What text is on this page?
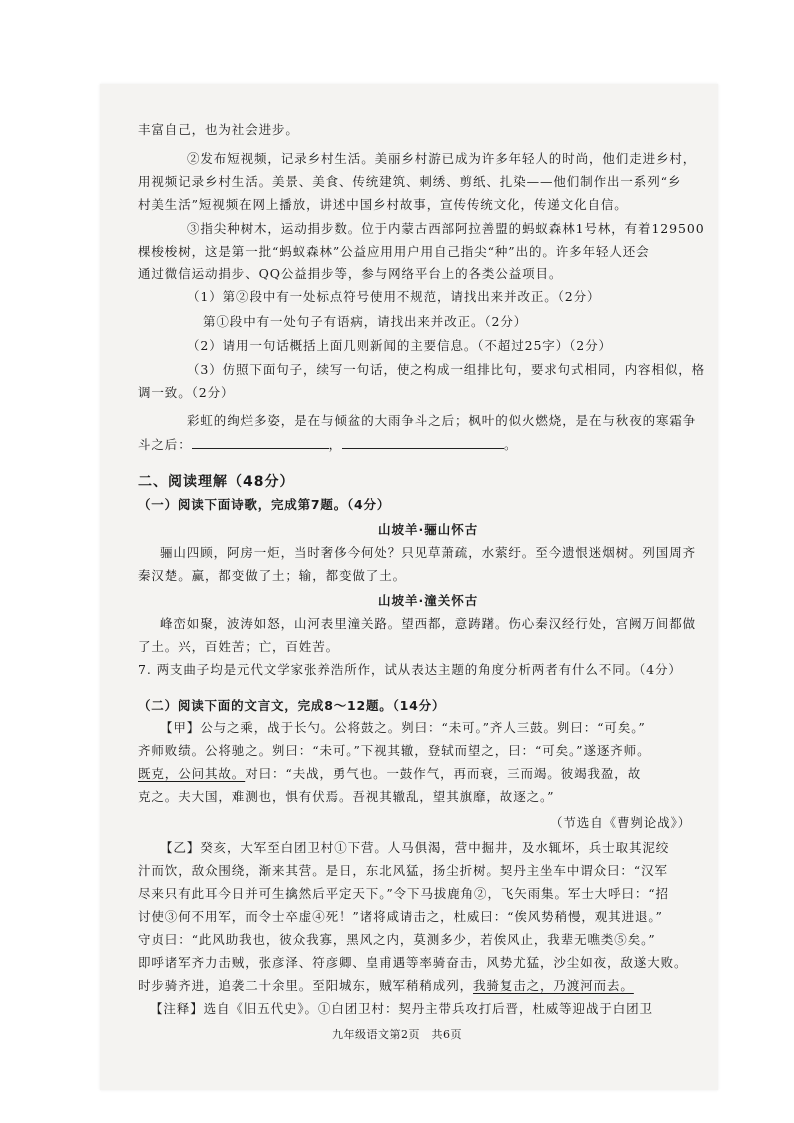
丰富自己，也为社会进步。
②发布短视频，记录乡村生活。美丽乡村游已成为许多年轻人的时尚，他们走进乡村，
用视频记录乡村生活。美景、美食、传统建筑、刺绣、剪纸、扎染——他们制作出一系列“乡
村美生活”短视频在网上播放，讲述中国乡村故事，宣传传统文化，传递文化自信。
③指尖种树木，运动捐步数。位于内蒙古西部阿拉善盟的蚂蚁森林1号林，有着129500
棵梭梭树，这是第一批“蚂蚁森林”公益应用用户用自己指尖“种”出的。许多年轻人还会
通过微信运动捐步、QQ公益捐步等，参与网络平台上的各类公益项目。
（1）第②段中有一处标点符号使用不规范，请找出来并改正。（2分）
第①段中有一处句子有语病，请找出来并改正。（2分）
（2）请用一句话概括上面几则新闻的主要信息。（不超过25字）（2分）
（3）仿照下面句子，续写一句话，使之构成一组排比句，要求句式相同，内容相似，格
调一致。（2分）
彩虹的绚烂多姿，是在与倾盆的大雨争斗之后；枫叶的似火燃烧，是在与秋夜的寒霜争
斗之后：	，	。
二、阅读理解（48分）
（一）阅读下面诗歌，完成第7题。（4分）
山坡羊·骊山怀古
骊山四顾，阿房一炬，当时奢侈今何处？只见草萧疏，水萦纡。至今遗恨迷烟树。列国周齐
秦汉楚。赢，都变做了土；输，都变做了土。
山坡羊·潼关怀古
峰峦如聚，波涛如怒，山河表里潼关路。望西都，意踌躇。伤心秦汉经行处，宫阙万间都做
了土。兴，百姓苦；亡，百姓苦。
7. 两支曲子均是元代文学家张养浩所作，试从表达主题的角度分析两者有什么不同。（4分）
（二）阅读下面的文言文，完成8～12题。（14分）
【甲】公与之乘，战于长勺。公将鼓之。刿曰：“未可。”齐人三鼓。刿曰：“可矣。”
齐师败绩。公将驰之。刿曰：“未可。”下视其辙，登轼而望之，曰：“可矣。”遂逐齐师。
既克，公问其故。对曰：“夫战，勇气也。一鼓作气，再而衰，三而竭。彼竭我盈，故
克之。夫大国，难测也，惧有伏焉。吾视其辙乱，望其旗靡，故逐之。”
（节选自《曹刿论战》）
【乙】癸亥，大军至白团卫村①下营。人马俱渴，营中掘井，及水辄坏，兵士取其泥绞
汁而饮，敌众围绕，渐来其营。是日，东北风猛，扬尘折树。契丹主坐车中谓众曰：“汉军
尽来只有此耳今日并可生擒然后平定天下。”令下马拔鹿角②，飞矢雨集。军士大呼曰：“招
讨使③何不用军，而令士卒虚④死！”诸将咸请击之，杜威曰：“俟风势稍慢，观其进退。”
守贞曰：“此风助我也，彼众我寡，黑风之内，莫测多少，若俟风止，我辈无噍类⑤矣。”
即呼诸军齐力击贼，张彦泽、符彦卿、皇甫遇等率骑奋击，风势尤猛，沙尘如夜，敌遂大败。
时步骑齐进，追袭二十余里。至阳城东，贼军稍稍成列，我骑复击之，乃渡河而去。
【注释】选自《旧五代史》。①白团卫村：契丹主带兵攻打后晋，杜威等迎战于白团卫
九年级语文第2页　共6页
